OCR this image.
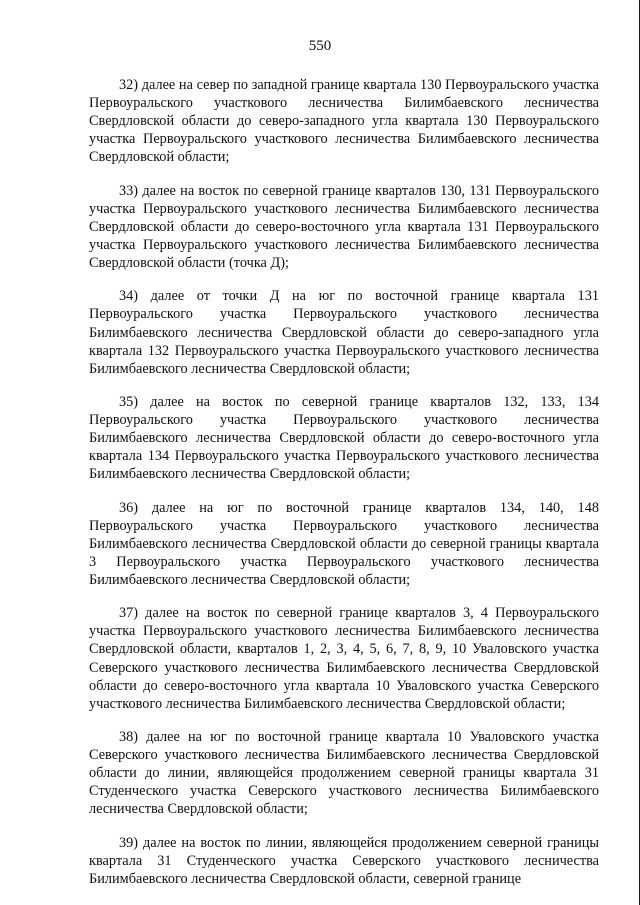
550

32) далее на север по западной границе квартала 130 Первоуральского участка Первоуральского участкового лесничества Билимбаевского лесничества Свердловской области до северо-западного угла квартала 130 Первоуральского участка Первоуральского участкового лесничества Билимбаевского лесничества Свердловской области;

33) далее на восток по северной границе кварталов 130, 131 Первоуральского участка Первоуральского участкового лесничества Билимбаевского лесничества Свердловской области до северо-восточного угла квартала 131 Первоуральского участка Первоуральского участкового лесничества Билимбаевского лесничества Свердловской области (точка Д);

34) далее от точки Д на юг по восточной границе квартала 131 Первоуральского участка Первоуральского участкового лесничества Билимбаевского лесничества Свердловской области до северо-западного угла квартала 132 Первоуральского участка Первоуральского участкового лесничества Билимбаевского лесничества Свердловской области;

35) далее на восток по северной границе кварталов 132, 133, 134 Первоуральского участка Первоуральского участкового лесничества Билимбаевского лесничества Свердловской области до северо-восточного угла квартала 134 Первоуральского участка Первоуральского участкового лесничества Билимбаевского лесничества Свердловской области;

36) далее на юг по восточной границе кварталов 134, 140, 148 Первоуральского участка Первоуральского участкового лесничества Билимбаевского лесничества Свердловской области до северной границы квартала 3 Первоуральского участка Первоуральского участкового лесничества Билимбаевского лесничества Свердловской области;

37) далее на восток по северной границе кварталов 3, 4 Первоуральского участка Первоуральского участкового лесничества Билимбаевского лесничества Свердловской области, кварталов 1, 2, 3, 4, 5, 6, 7, 8, 9, 10 Уваловского участка Северского участкового лесничества Билимбаевского лесничества Свердловской области до северо-восточного угла квартала 10 Уваловского участка Северского участкового лесничества Билимбаевского лесничества Свердловской области;

38) далее на юг по восточной границе квартала 10 Уваловского участка Северского участкового лесничества Билимбаевского лесничества Свердловской области до линии, являющейся продолжением северной границы квартала 31 Студенческого участка Северского участкового лесничества Билимбаевского лесничества Свердловской области;

39) далее на восток по линии, являющейся продолжением северной границы квартала 31 Студенческого участка Северского участкового лесничества Билимбаевского лесничества Свердловской области, северной границе
